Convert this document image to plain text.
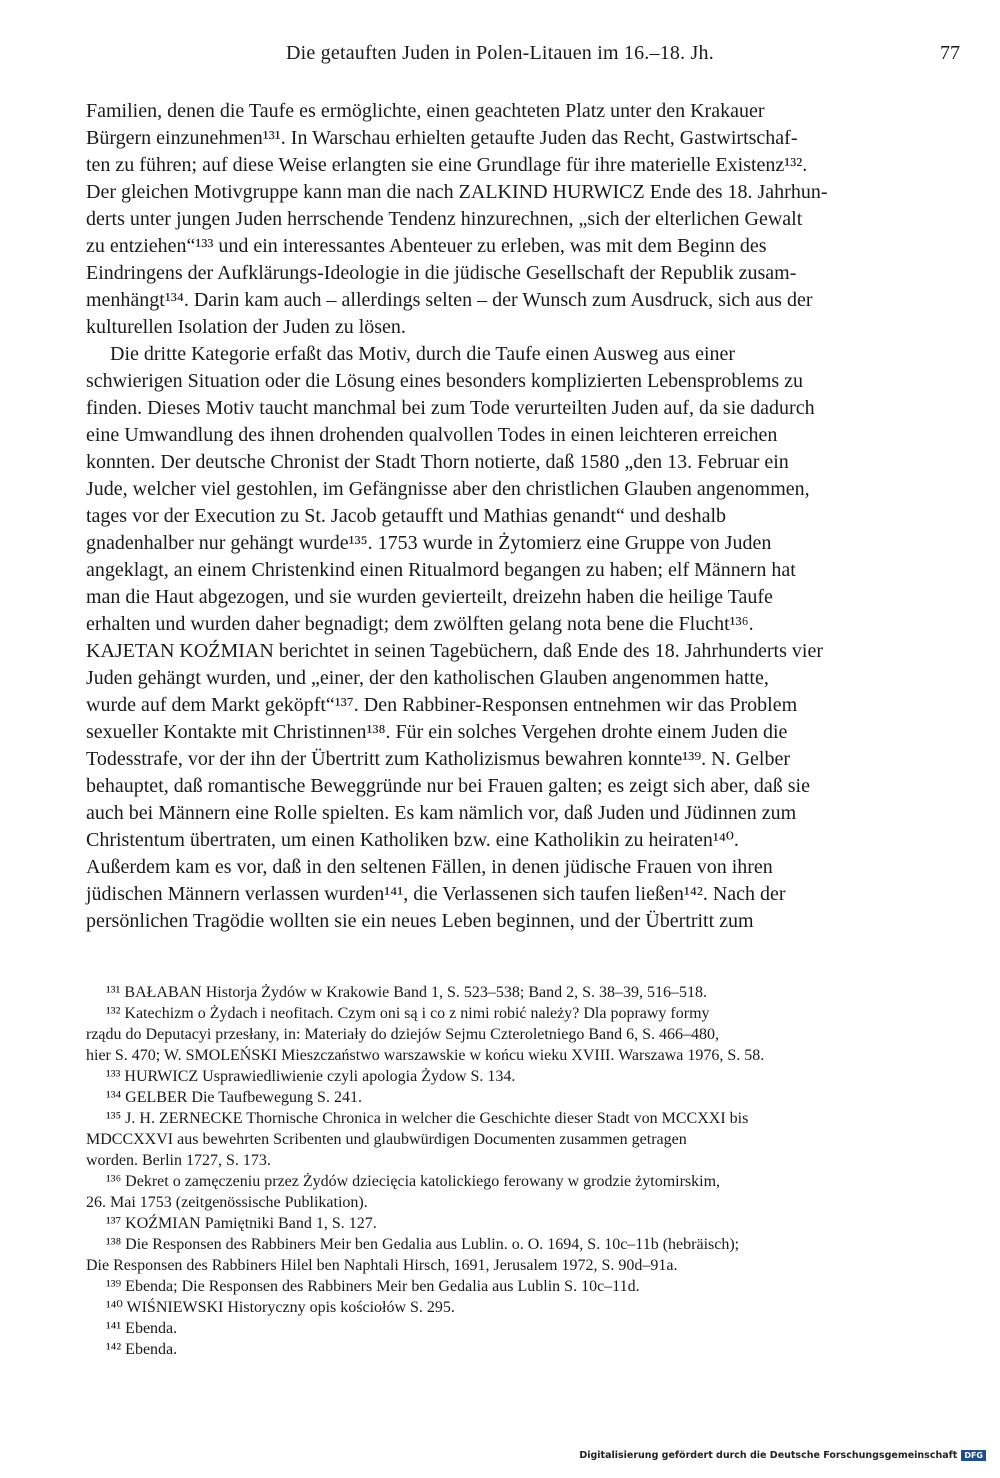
Die getauften Juden in Polen-Litauen im 16.–18. Jh.	77
Familien, denen die Taufe es ermöglichte, einen geachteten Platz unter den Krakauer
Bürgern einzunehmen¹³¹. In Warschau erhielten getaufte Juden das Recht, Gastwirtschaf-
ten zu führen; auf diese Weise erlangten sie eine Grundlage für ihre materielle Existenz¹³².
Der gleichen Motivgruppe kann man die nach ZALKIND HURWICZ Ende des 18. Jahrhun-
derts unter jungen Juden herrschende Tendenz hinzurechnen, „sich der elterlichen Gewalt
zu entziehen“¹³³ und ein interessantes Abenteuer zu erleben, was mit dem Beginn des
Eindringens der Aufklärungs-Ideologie in die jüdische Gesellschaft der Republik zusam-
menhängt¹³⁴. Darin kam auch – allerdings selten – der Wunsch zum Ausdruck, sich aus der
kulturellen Isolation der Juden zu lösen.
Die dritte Kategorie erfaßt das Motiv, durch die Taufe einen Ausweg aus einer
schwierigen Situation oder die Lösung eines besonders komplizierten Lebensproblems zu
finden. Dieses Motiv taucht manchmal bei zum Tode verurteilten Juden auf, da sie dadurch
eine Umwandlung des ihnen drohenden qualvollen Todes in einen leichteren erreichen
konnten. Der deutsche Chronist der Stadt Thorn notierte, daß 1580 „den 13. Februar ein
Jude, welcher viel gestohlen, im Gefängnisse aber den christlichen Glauben angenommen,
tages vor der Execution zu St. Jacob getaufft und Mathias genandt“ und deshalb
gnadenhalber nur gehängt wurde¹³⁵. 1753 wurde in Żytomierz eine Gruppe von Juden
angeklagt, an einem Christenkind einen Ritualmord begangen zu haben; elf Männern hat
man die Haut abgezogen, und sie wurden gevierteilt, dreizehn haben die heilige Taufe
erhalten und wurden daher begnadigt; dem zwölften gelang nota bene die Flucht¹³⁶.
KAJETAN KOŹMIAN berichtet in seinen Tagebüchern, daß Ende des 18. Jahrhunderts vier
Juden gehängt wurden, und „einer, der den katholischen Glauben angenommen hatte,
wurde auf dem Markt geköpft“¹³⁷. Den Rabbiner-Responsen entnehmen wir das Problem
sexueller Kontakte mit Christinnen¹³⁸. Für ein solches Vergehen drohte einem Juden die
Todesstrafe, vor der ihn der Übertritt zum Katholizismus bewahren konnte¹³⁹. N. Gelber
behauptet, daß romantische Beweggründe nur bei Frauen galten; es zeigt sich aber, daß sie
auch bei Männern eine Rolle spielten. Es kam nämlich vor, daß Juden und Jüdinnen zum
Christentum übertraten, um einen Katholiken bzw. eine Katholikin zu heiraten¹⁴⁰.
Außerdem kam es vor, daß in den seltenen Fällen, in denen jüdische Frauen von ihren
jüdischen Männern verlassen wurden¹⁴¹, die Verlassenen sich taufen ließen¹⁴². Nach der
persönlichen Tragödie wollten sie ein neues Leben beginnen, und der Übertritt zum
¹³¹ BAŁABAN Historja Żydów w Krakowie Band 1, S. 523–538; Band 2, S. 38–39, 516–518.
¹³² Katechizm o Żydach i neofitach. Czym oni są i co z nimi robić należy? Dla poprawy formy
rządu do Deputacyi przesłany, in: Materiały do dziejów Sejmu Czteroletniego Band 6, S. 466–480,
hier S. 470; W. SMOLEŃSKI Mieszczaństwo warszawskie w końcu wieku XVIII. Warszawa 1976, S. 58.
¹³³ HURWICZ Usprawiedliwienie czyli apologia Żydow S. 134.
¹³⁴ GELBER Die Taufbewegung S. 241.
¹³⁵ J. H. ZERNECKE Thornische Chronica in welcher die Geschichte dieser Stadt von MCCXXI bis
MDCCXXVI aus bewehrten Scribenten und glaubwürdigen Documenten zusammen getragen
worden. Berlin 1727, S. 173.
¹³⁶ Dekret o zamęczeniu przez Żydów dziecięcia katolickiego ferowany w grodzie żytomirskim,
26. Mai 1753 (zeitgenössische Publikation).
¹³⁷ KOŹMIAN Pamiętniki Band 1, S. 127.
¹³⁸ Die Responsen des Rabbiners Meir ben Gedalia aus Lublin. o. O. 1694, S. 10c–11b (hebräisch);
Die Responsen des Rabbiners Hilel ben Naphtali Hirsch, 1691, Jerusalem 1972, S. 90d–91a.
¹³⁹ Ebenda; Die Responsen des Rabbiners Meir ben Gedalia aus Lublin S. 10c–11d.
¹⁴⁰ WIŚNIEWSKI Historyczny opis kościołów S. 295.
¹⁴¹ Ebenda.
¹⁴² Ebenda.
Digitalisierung gefördert durch die Deutsche Forschungsgemeinschaft DFG
